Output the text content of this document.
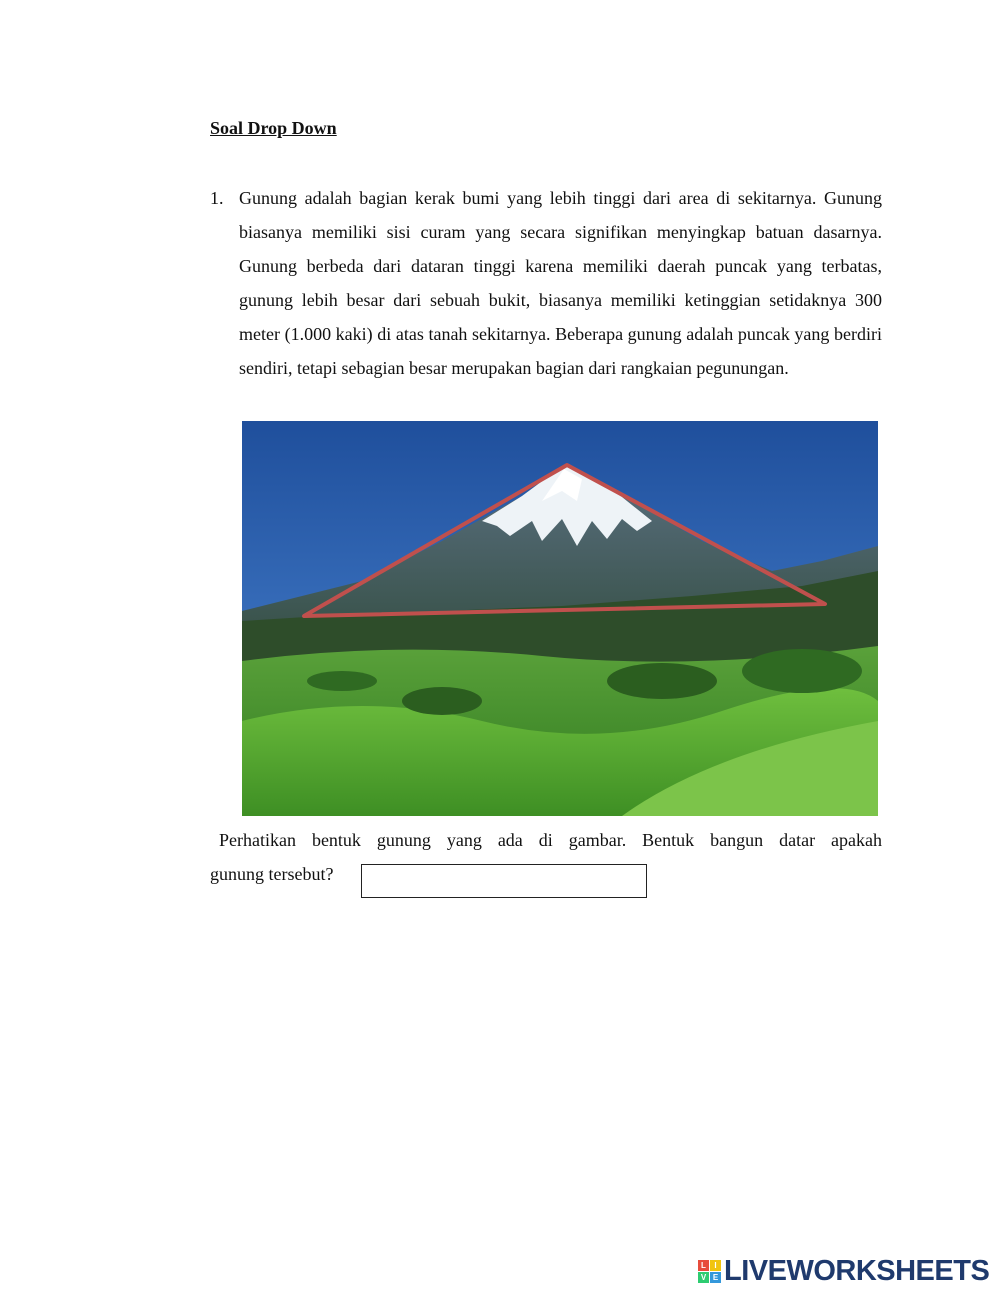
Soal Drop Down
1. Gunung adalah bagian kerak bumi yang lebih tinggi dari area di sekitarnya. Gunung biasanya memiliki sisi curam yang secara signifikan menyingkap batuan dasarnya. Gunung berbeda dari dataran tinggi karena memiliki daerah puncak yang terbatas, gunung lebih besar dari sebuah bukit, biasanya memiliki ketinggian setidaknya 300 meter (1.000 kaki) di atas tanah sekitarnya. Beberapa gunung adalah puncak yang berdiri sendiri, tetapi sebagian besar merupakan bagian dari rangkaian pegunungan.

Perhatikan bentuk gunung yang ada di gambar. Bentuk bangun datar apakah
gunung tersebut?
L	I
V E LIVEWORKSHEETS
